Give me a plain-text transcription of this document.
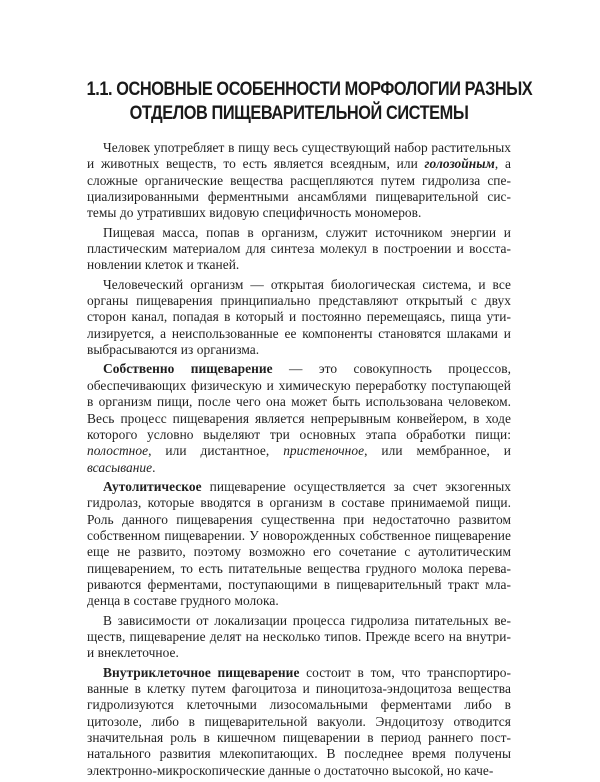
1.1. ОСНОВНЫЕ ОСОБЕННОСТИ МОРФОЛОГИИ РАЗНЫХ
ОТДЕЛОВ ПИЩЕВАРИТЕЛЬНОЙ СИСТЕМЫ

Человек употребляет в пищу весь существующий набор растительных и животных веществ, то есть является всеядным, или голозойным, а сложные органические вещества расщепляются путем гидролиза специализированными ферментными ансамблями пищеварительной системы до утративших видовую специфичность мономеров.

Пищевая масса, попав в организм, служит источником энергии и пластическим материалом для синтеза молекул в построении и восстановлении клеток и тканей.

Человеческий организм — открытая биологическая система, и все органы пищеварения принципиально представляют открытый с двух сторон канал, попадая в который и постоянно перемещаясь, пища утилизируется, а неиспользованные ее компоненты становятся шлаками и выбрасываются из организма.

Собственно пищеварение — это совокупность процессов, обеспечивающих физическую и химическую переработку поступающей в организм пищи, после чего она может быть использована человеком. Весь процесс пищеварения является непрерывным конвейером, в ходе которого условно выделяют три основных этапа обработки пищи: полостное, или дистантное, пристеночное, или мембранное, и всасывание.

Аутолитическое пищеварение осуществляется за счет экзогенных гидролаз, которые вводятся в организм в составе принимаемой пищи. Роль данного пищеварения существенна при недостаточно развитом собственном пищеварении. У новорожденных собственное пищеварение еще не развито, поэтому возможно его сочетание с аутолитическим пищеварением, то есть питательные вещества грудного молока перевариваются ферментами, поступающими в пищеварительный тракт младенца в составе грудного молока.

В зависимости от локализации процесса гидролиза питательных веществ, пищеварение делят на несколько типов. Прежде всего на внутри- и внеклеточное.

Внутриклеточное пищеварение состоит в том, что транспортированные в клетку путем фагоцитоза и пиноцитоза-эндоцитоза вещества гидролизуются клеточными лизосомальными ферментами либо в цитозоле, либо в пищеварительной вакуоли. Эндоцитозу отводится значительная роль в кишечном пищеварении в период раннего постнатального развития млекопитающих. В последнее время получены электронно-микроскопические данные о достаточно высокой, но каче-
